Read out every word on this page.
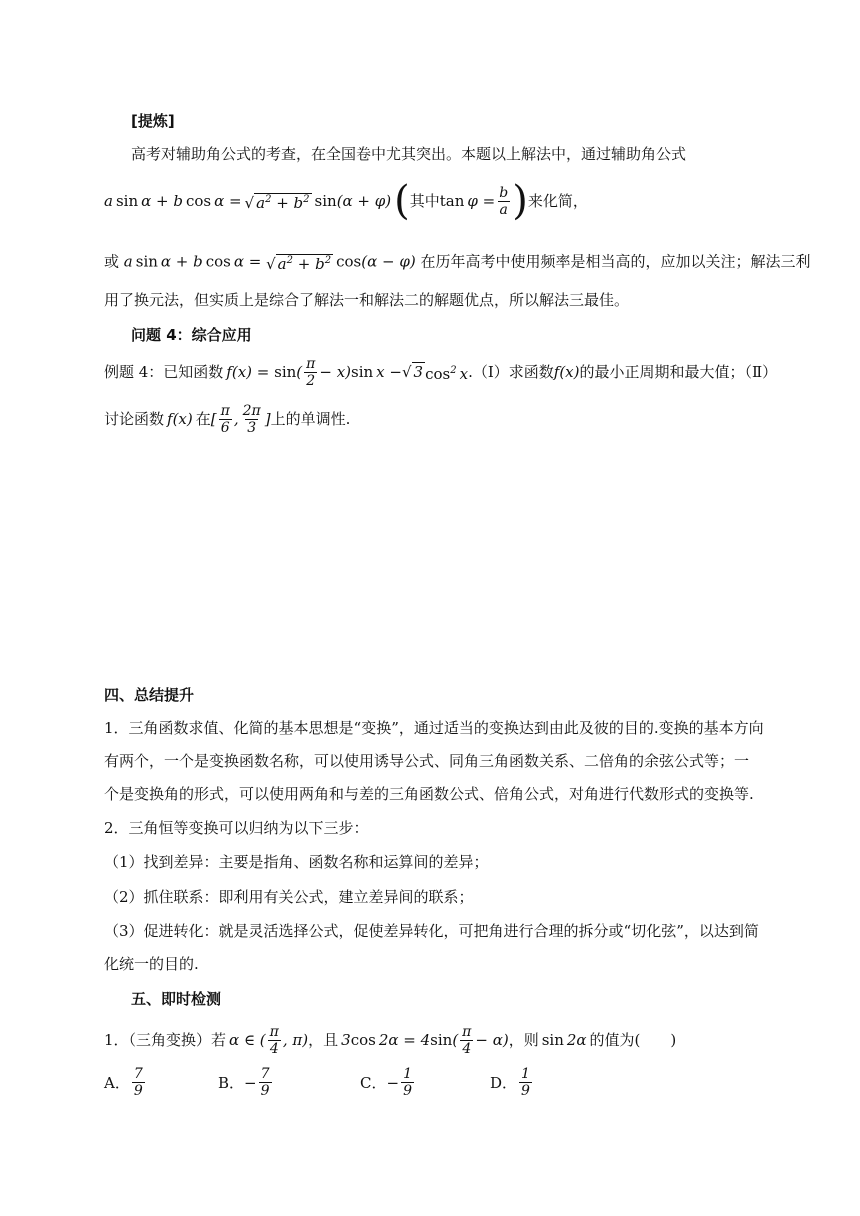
[提炼]
高考对辅助角公式的考查，在全国卷中尤其突出。本题以上解法中，通过辅助角公式
a sin α + b cos α =  √ $a^2 + b^2$
  sin(α + φ)  ( 其中 $\tan \varphi = \frac{b}{a}$ ) 来化简，
或 a sin α + b cos α = √ $a^2 + b^2$  cos(α − φ) 在历年高考中使用频率是相当高的，应加以关注；解法三利
用了换元法，但实质上是综合了解法一和解法二的解题优点，所以解法三最佳。
问题 4：综合应用
例题 4：已知函数  $f(x) = \sin( \frac{\pi}{2} - x)\sin$ x − √ 3 $\cos^2 x$ .（Ⅰ）求函数 f(x) 的最小正周期和最大值；（Ⅱ）
讨论函数  f(x)  在 [ $\frac{\pi}{6}$ , $\frac{2\pi}{3}$ ] 上的单调性.
四、总结提升
1．三角函数求值、化简的基本思想是“变换”，通过适当的变换达到由此及彼的目的.变换的基本方向
有两个，一个是变换函数名称，可以使用诱导公式、同角三角函数关系、二倍角的余弦公式等；一
个是变换角的形式，可以使用两角和与差的三角函数公式、倍角公式，对角进行代数形式的变换等.
2．三角恒等变换可以归纳为以下三步：
（1）找到差异：主要是指角、函数名称和运算间的差异；
（2）抓住联系：即利用有关公式，建立差异间的联系；
（3）促进转化：就是灵活选择公式，促使差异转化，可把角进行合理的拆分或“切化弦”，以达到简
化统一的目的.
五、即时检测
1．（三角变换）若  α ∈ ( $\frac{\pi}{4}$ , π) ，且  3cos $2\alpha = 4\sin( \frac{\pi}{4} - \alpha)$ ，则
  sin 2α  的值为(　　)
A． $\frac{7}{9}$	B． − $\frac{7}{9}$	C． − $\frac{1}{9}$	D． $\frac{1}{9}$
